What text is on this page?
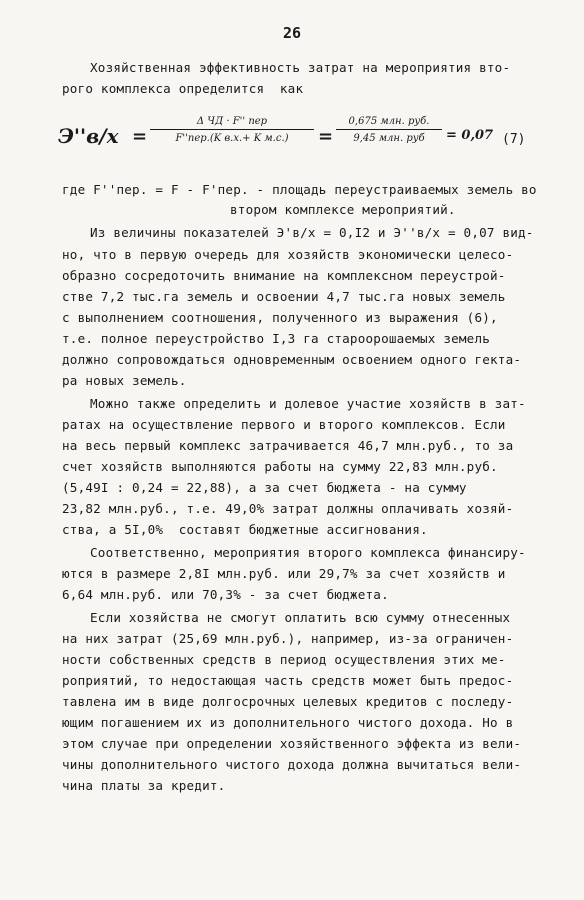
26
Хозяйственная эффективность затрат на мероприятия вто-
рого комплекса определится  как
Э''в/х =
Δ ЧД · F'' пер
F''пер.(K в.х.+ K м.с.)	=
0,675 млн. руб.
9,45 млн. руб	= 0,07 (7)
где F''пер. = F - F'пер. - площадь переустраиваемых земель во
втором комплексе мероприятий.
Из величины показателей Э'в/х = 0,I2 и Э''в/х = 0,07 вид-
но, что в первую очередь для хозяйств экономически целесо-
образно сосредоточить внимание на комплексном переустрой-
стве 7,2 тыс.га земель и освоении 4,7 тыс.га новых земель
с выполнением соотношения, полученного из выражения (6),
т.е. полное переустройство I,3 га староорошаемых земель
должно сопровождаться одновременным освоением одного гекта-
ра новых земель.
Можно также определить и долевое участие хозяйств в зат-
ратах на осуществление первого и второго комплексов. Если
на весь первый комплекс затрачивается 46,7 млн.руб., то за
счет хозяйств выполняются работы на сумму 22,83 млн.руб.
(5,49I : 0,24 = 22,88), а за счет бюджета - на сумму
23,82 млн.руб., т.е. 49,0% затрат должны оплачивать хозяй-
ства, а 5I,0%  составят бюджетные ассигнования.
Соответственно, мероприятия второго комплекса финансиру-
ются в размере 2,8I млн.руб. или 29,7% за счет хозяйств и
6,64 млн.руб. или 70,3% - за счет бюджета.
Если хозяйства не смогут оплатить всю сумму отнесенных
на них затрат (25,69 млн.руб.), например, из-за ограничен-
ности собственных средств в период осуществления этих ме-
роприятий, то недостающая часть средств может быть предос-
тавлена им в виде долгосрочных целевых кредитов с последу-
ющим погашением их из дополнительного чистого дохода. Но в
этом случае при определении хозяйственного эффекта из вели-
чины дополнительного чистого дохода должна вычитаться вели-
чина платы за кредит.
